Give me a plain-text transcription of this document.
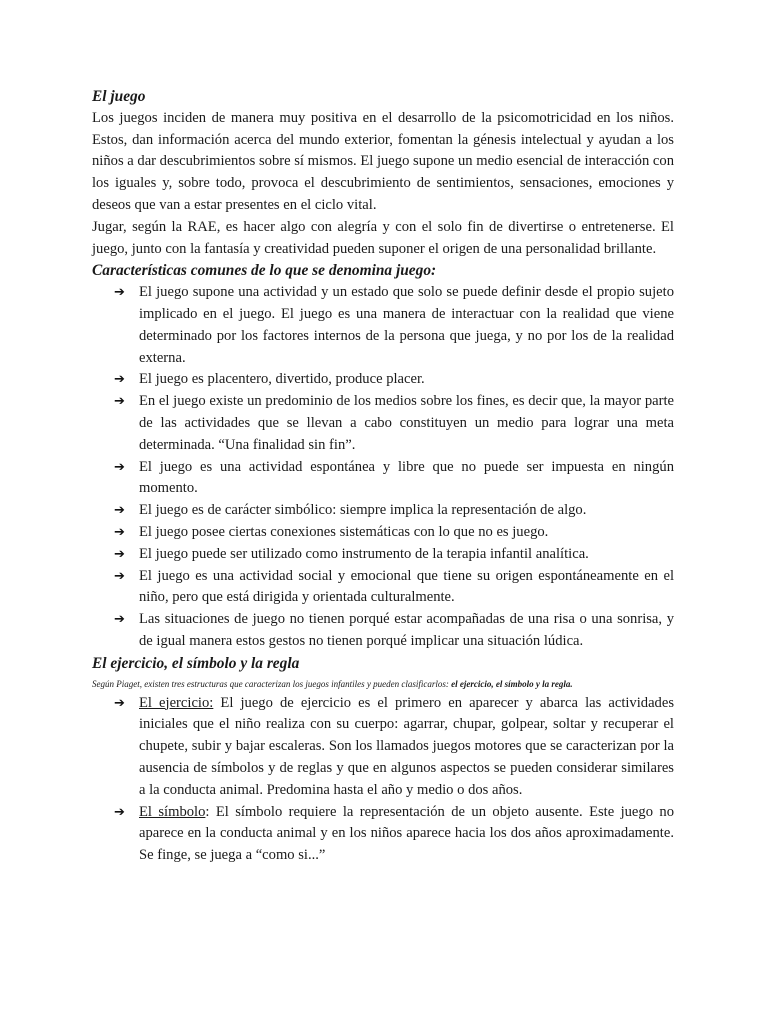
El juego

Los juegos inciden de manera muy positiva en el desarrollo de la psicomotricidad en los niños. Estos, dan información acerca del mundo exterior, fomentan la génesis intelectual y ayudan a los niños a dar descubrimientos sobre sí mismos. El juego supone un medio esencial de interacción con los iguales y, sobre todo, provoca el descubrimiento de sentimientos, sensaciones, emociones y deseos que van a estar presentes en el ciclo vital.

Jugar, según la RAE, es hacer algo con alegría y con el solo fin de divertirse o entretenerse. El juego, junto con la fantasía y creatividad pueden suponer el origen de una personalidad brillante.

Características comunes de lo que se denomina juego:
➔ El juego supone una actividad y un estado que solo se puede definir desde el propio sujeto implicado en el juego. El juego es una manera de interactuar con la realidad que viene determinado por los factores internos de la persona que juega, y no por los de la realidad externa.
➔ El juego es placentero, divertido, produce placer.
➔ En el juego existe un predominio de los medios sobre los fines, es decir que, la mayor parte de las actividades que se llevan a cabo constituyen un medio para lograr una meta determinada. “Una finalidad sin fin”.
➔ El juego es una actividad espontánea y libre que no puede ser impuesta en ningún momento.
➔ El juego es de carácter simbólico: siempre implica la representación de algo.
➔ El juego posee ciertas conexiones sistemáticas con lo que no es juego.
➔ El juego puede ser utilizado como instrumento de la terapia infantil analítica.
➔ El juego es una actividad social y emocional que tiene su origen espontáneamente en el niño, pero que está dirigida y orientada culturalmente.
➔ Las situaciones de juego no tienen porqué estar acompañadas de una risa o una sonrisa, y de igual manera estos gestos no tienen porqué implicar una situación lúdica.
El ejercicio, el símbolo y la regla
Según Piaget, existen tres estructuras que caracterizan los juegos infantiles y pueden clasificarlos: el ejercicio, el símbolo y la regla.
➔ El ejercicio: El juego de ejercicio es el primero en aparecer y abarca las actividades iniciales que el niño realiza con su cuerpo: agarrar, chupar, golpear, soltar y recuperar el chupete, subir y bajar escaleras. Son los llamados juegos motores que se caracterizan por la ausencia de símbolos y de reglas y que en algunos aspectos se pueden considerar similares a la conducta animal. Predomina hasta el año y medio o dos años.
➔ El símbolo: El símbolo requiere la representación de un objeto ausente. Este juego no aparece en la conducta animal y en los niños aparece hacia los dos años aproximadamente. Se finge, se juega a “como si...”
